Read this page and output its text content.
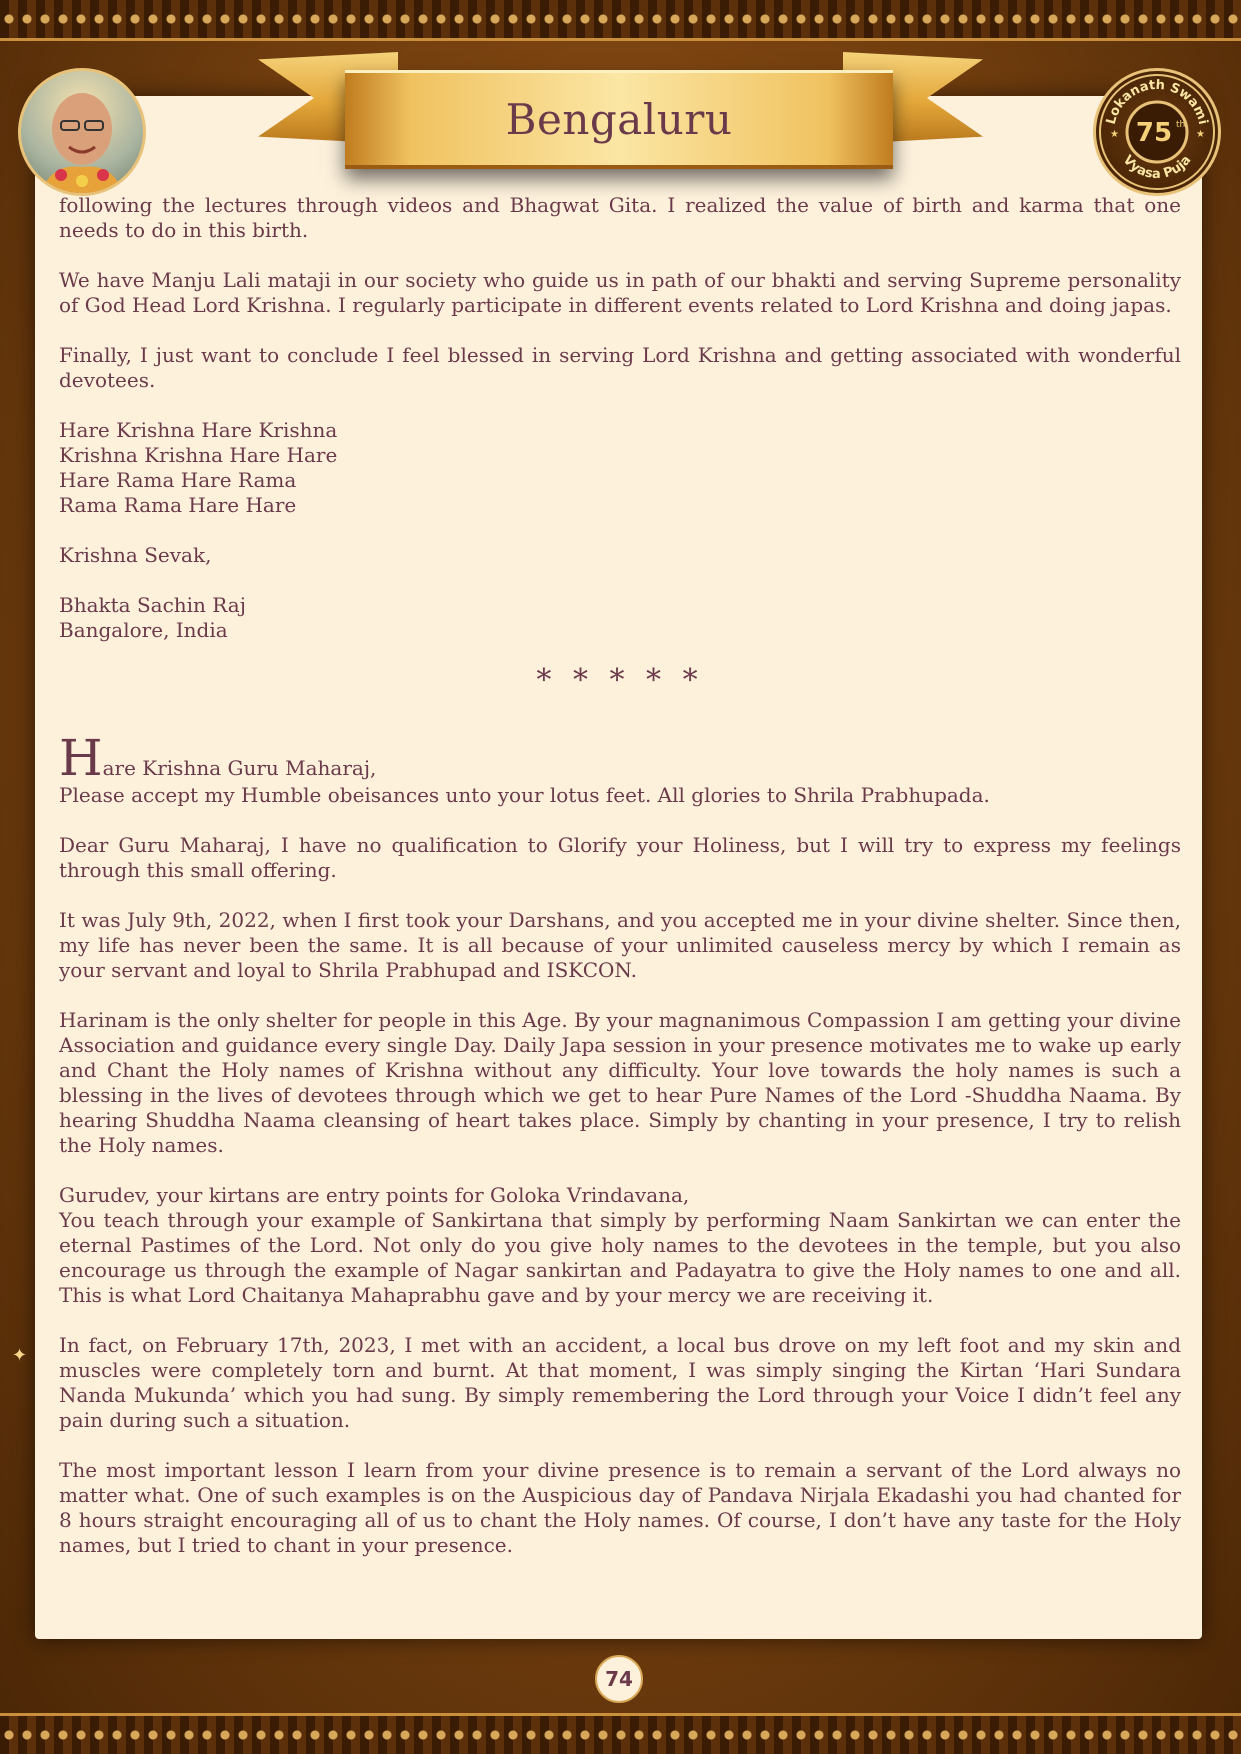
Bengaluru	Lokanath Swami
Vyasa Puja
75 th
★	★

following the lectures through videos and Bhagwat Gita. I realized the value of birth and karma that one needs to do in this birth.

We have Manju Lali mataji in our society who guide us in path of our bhakti and serving Supreme personality of God Head Lord Krishna. I regularly participate in different events related to Lord Krishna and doing japas.

Finally, I just want to conclude I feel blessed in serving Lord Krishna and getting associated with wonderful devotees.

Hare Krishna Hare Krishna
Krishna Krishna Hare Hare
Hare Rama Hare Rama
Rama Rama Hare Hare
Krishna Sevak,
Bhakta Sachin Raj
Bangalore, India
* * * * *
Hare Krishna Guru Maharaj,

Please accept my Humble obeisances unto your lotus feet. All glories to Shrila Prabhupada.

Dear Guru Maharaj, I have no qualification to Glorify your Holiness, but I will try to express my feelings through this small offering.

It was July 9th, 2022, when I first took your Darshans, and you accepted me in your divine shelter. Since then, my life has never been the same. It is all because of your unlimited causeless mercy by which I remain as your servant and loyal to Shrila Prabhupad and ISKCON.

Harinam is the only shelter for people in this Age. By your magnanimous Compassion I am getting your divine Association and guidance every single Day. Daily Japa session in your presence motivates me to wake up early and Chant the Holy names of Krishna without any difficulty. Your love towards the holy names is such a blessing in the lives of devotees through which we get to hear Pure Names of the Lord -Shuddha Naama. By hearing Shuddha Naama cleansing of heart takes place. Simply by chanting in your presence, I try to relish the Holy names.

Gurudev, your kirtans are entry points for Goloka Vrindavana,

You teach through your example of Sankirtana that simply by performing Naam Sankirtan we can enter the eternal Pastimes of the Lord. Not only do you give holy names to the devotees in the temple, but you also encourage us through the example of Nagar sankirtan and Padayatra to give the Holy names to one and all. This is what Lord Chaitanya Mahaprabhu gave and by your mercy we are receiving it.

In fact, on February 17th, 2023, I met with an accident, a local bus drove on my left foot and my skin and muscles were completely torn and burnt. At that moment, I was simply singing the Kirtan ‘Hari Sundara Nanda Mukunda’ which you had sung. By simply remembering the Lord through your Voice I didn’t feel any pain during such a situation.

The most important lesson I learn from your divine presence is to remain a servant of the Lord always no matter what. One of such examples is on the Auspicious day of Pandava Nirjala Ekadashi you had chanted for 8 hours straight encouraging all of us to chant the Holy names. Of course, I don’t have any taste for the Holy names, but I tried to chant in your presence.

✦
74
